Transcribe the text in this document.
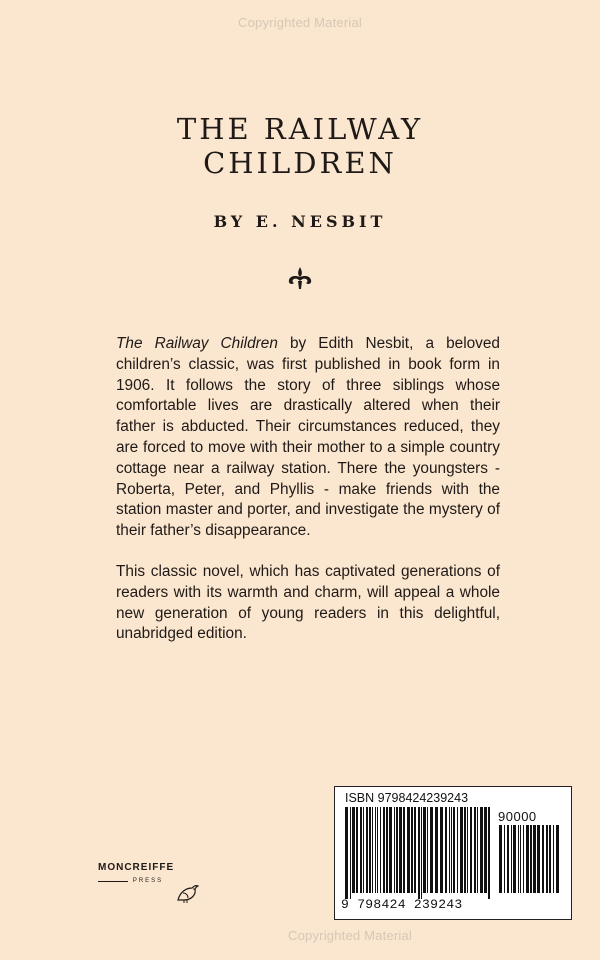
Copyrighted Material
THE RAILWAY
CHILDREN
BY E. NESBIT

The Railway Children by Edith Nesbit, a beloved children’s classic, was first published in book form in 1906. It follows the story of three siblings whose comfortable lives are drastically altered when their father is abducted. Their circumstances reduced, they are forced to move with their mother to a simple country cottage near a railway station. There the youngsters - Roberta, Peter, and Phyllis - make friends with the station master and porter, and investigate the mystery of their father’s disappearance.

This classic novel, which has captivated generations of readers with its warmth and charm, will appeal a whole new generation of young readers in this delightful, unabridged edition.

MONCREIFFE
PRESS
ISBN 9798424239243
90000
9 798424 239243
Copyrighted Material
